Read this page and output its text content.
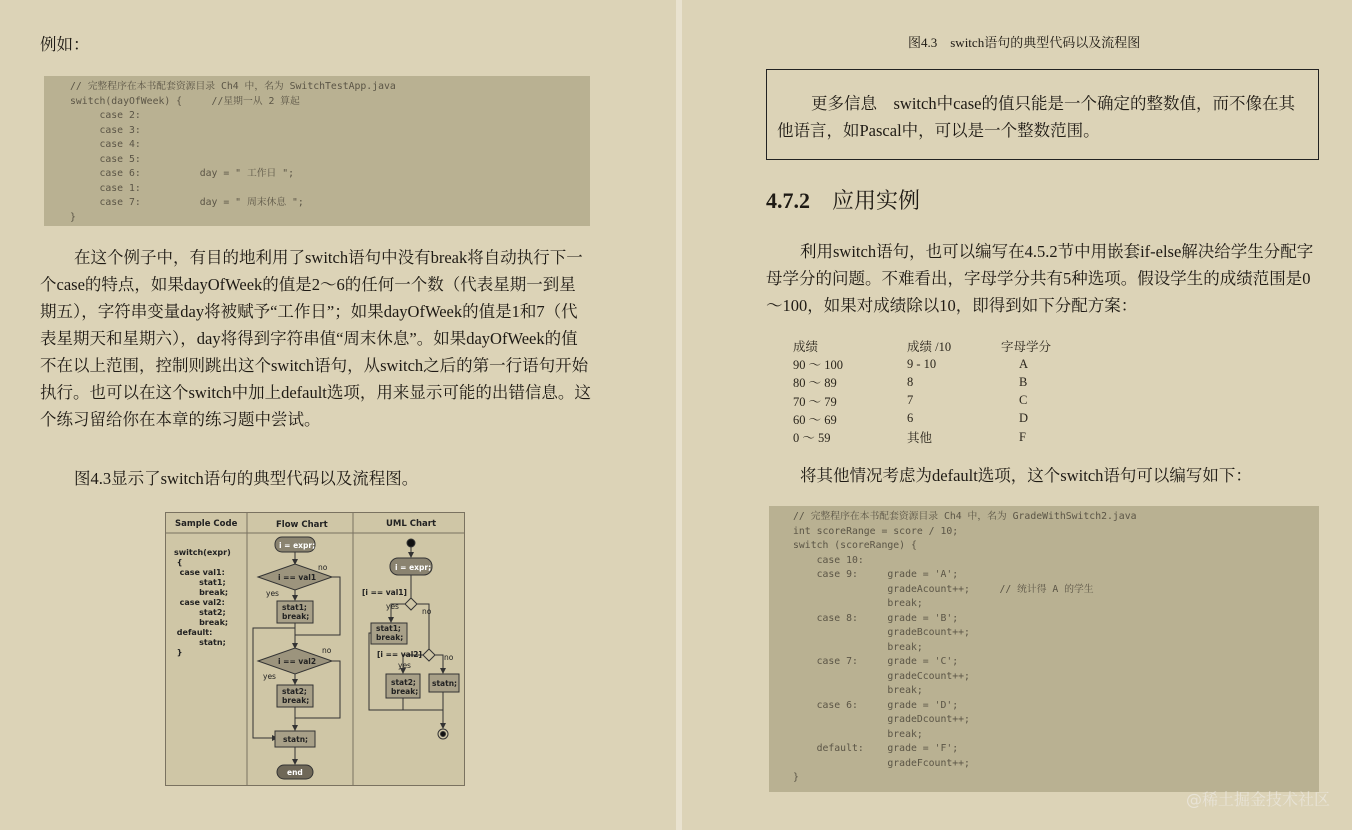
例如：

// 完整程序在本书配套资源目录 Ch4 中，名为 SwitchTestApp.java
switch(dayOfWeek) {     //星期一从 2 算起
case 2:
case 3:
case 4:
case 5:
case 6:          day = " 工作日 ";
case 1:
case 7:          day = " 周末休息 ";
}

在这个例子中，有目的地利用了switch语句中没有break将自动执行下一个case的特点，如果dayOfWeek的值是2～6的任何一个数（代表星期一到星期五），字符串变量day将被赋予“工作日”；如果dayOfWeek的值是1和7（代表星期天和星期六），day将得到字符串值“周末休息”。如果dayOfWeek的值不在以上范围，控制则跳出这个switch语句，从switch之后的第一行语句开始执行。也可以在这个switch中加上default选项，用来显示可能的出错信息。这个练习留给你在本章的练习题中尝试。

图4.3显示了switch语句的典型代码以及流程图。

Sample Code	Flow Chart	UML Chart
switch(expr)
{
case val1:
stat1;
break;
case val2:
stat2;
break;
default:
statn;
}
i = expr;
i == val1
no
yes
stat1;
break;
i == val2
no
yes
stat2;
break;
statn;
end
i = expr;
[i == val1]
yes
no
stat1;
break;
[i == val2]
yes
no
stat2;
break;
statn;
图4.3　switch语句的典型代码以及流程图
更多信息　switch中case的值只能是一个确定的整数值，而不像在其他语言，如Pascal中，可以是一个整数范围。
4.7.2 应用实例

利用switch语句，也可以编写在4.5.2节中用嵌套if-else解决给学生分配字母学分的问题。不难看出，字母学分共有5种选项。假设学生的成绩范围是0～100，如果对成绩除以10，即得到如下分配方案：

成绩	成绩 /10	字母学分
90 ～ 100	9 - 10	A
80 ～ 89	8	B
70 ～ 79	7	C
60 ～ 69	6	D
0 ～ 59	其他	F

将其他情况考虑为default选项，这个switch语句可以编写如下：

// 完整程序在本书配套资源目录 Ch4 中，名为 GradeWithSwitch2.java
int scoreRange = score / 10;
switch (scoreRange) {
case 10:
case 9:     grade = 'A';
gradeAcount++;     // 统计得 A 的学生
break;
case 8:     grade = 'B';
gradeBcount++;
break;
case 7:     grade = 'C';
gradeCcount++;
break;
case 6:     grade = 'D';
gradeDcount++;
break;
default:    grade = 'F';
gradeFcount++;
}
@稀土掘金技术社区
